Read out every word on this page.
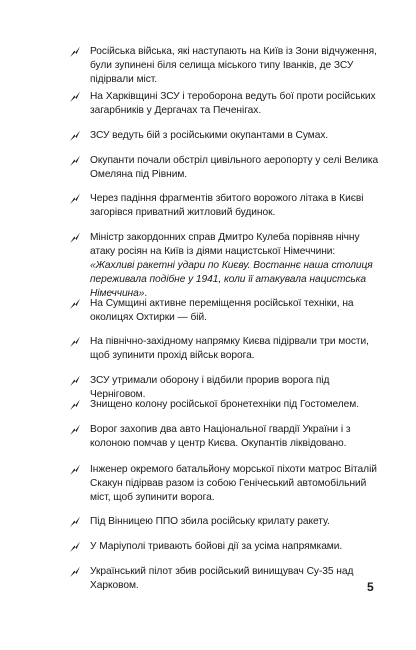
Російська війська, які наступають на Київ із Зони відчуження, були зупинені біля селища міського типу Іванків, де ЗСУ підірвали міст.
На Харківщині ЗСУ і тероборона ведуть бої проти російських загарбників у Дергачах та Печенігах.
ЗСУ ведуть бій з російськими окупантами в Сумах.
Окупанти почали обстріл цивільного аеропорту у селі Велика Омеляна під Рівним.
Через падіння фрагментів збитого ворожого літака в Києві загорівся приватний житловий будинок.
Міністр закордонних справ Дмитро Кулеба порівняв нічну атаку росіян на Київ із діями нацистської Німеччини: «Жахливі ракетні удари по Києву. Востаннє наша столиця переживала подібне у 1941, коли її атакувала нацистська Німеччина».
На Сумщині активне переміщення російської техніки, на околицях Охтирки — бій.
На північно-західному напрямку Києва підірвали три мости, щоб зупинити прохід військ ворога.
ЗСУ утримали оборону і відбили прорив ворога під Черніговом.
Знищено колону російської бронетехніки під Гостомелем.
Ворог захопив два авто Національної гвардії України і з колоною помчав у центр Києва. Окупантів ліквідовано.
Інженер окремого батальйону морської піхоти матрос Віталій Скакун підірвав разом із собою Генічеський автомобільний міст, щоб зупинити ворога.
Під Вінницею ППО збила російську крилату ракету.
У Маріуполі тривають бойові дії за усіма напрямками.
Український пілот збив російський винищувач Су-35 над Харковом.	5
